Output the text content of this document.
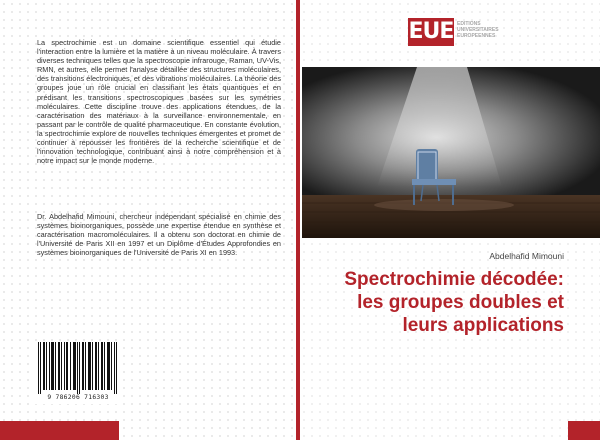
La spectrochimie est un domaine scientifique essentiel qui étudie l'interaction entre la lumière et la matière à un niveau moléculaire. À travers diverses techniques telles que la spectroscopie infrarouge, Raman, UV-Vis, RMN, et autres, elle permet l'analyse détaillée des structures moléculaires, des transitions électroniques, et des vibrations moléculaires. La théorie des groupes joue un rôle crucial en classifiant les états quantiques et en prédisant les transitions spectroscopiques basées sur les symétries moléculaires. Cette discipline trouve des applications étendues, de la caractérisation des matériaux à la surveillance environnementale, en passant par le contrôle de qualité pharmaceutique. En constante évolution, la spectrochimie explore de nouvelles techniques émergentes et promet de continuer à repousser les frontières de la recherche scientifique et de l'innovation technologique, contribuant ainsi à notre compréhension et à notre impact sur le monde moderne.
Dr. Abdelhafid Mimouni, chercheur indépendant spécialisé en chimie des systèmes bioinorganiques, possède une expertise étendue en synthèse et caractérisation macromoléculaires. Il a obtenu son doctorat en chimie de l'Université de Paris XII en 1997 et un Diplôme d'Études Approfondies en systèmes bioinorganiques de l'Université de Paris XI en 1993.
9 786206 716303
EUE EDITIONS
UNIVERSITAIRES
EUROPEENNES
Abdelhafid Mimouni
Spectrochimie décodée:
les groupes doubles et
leurs applications
